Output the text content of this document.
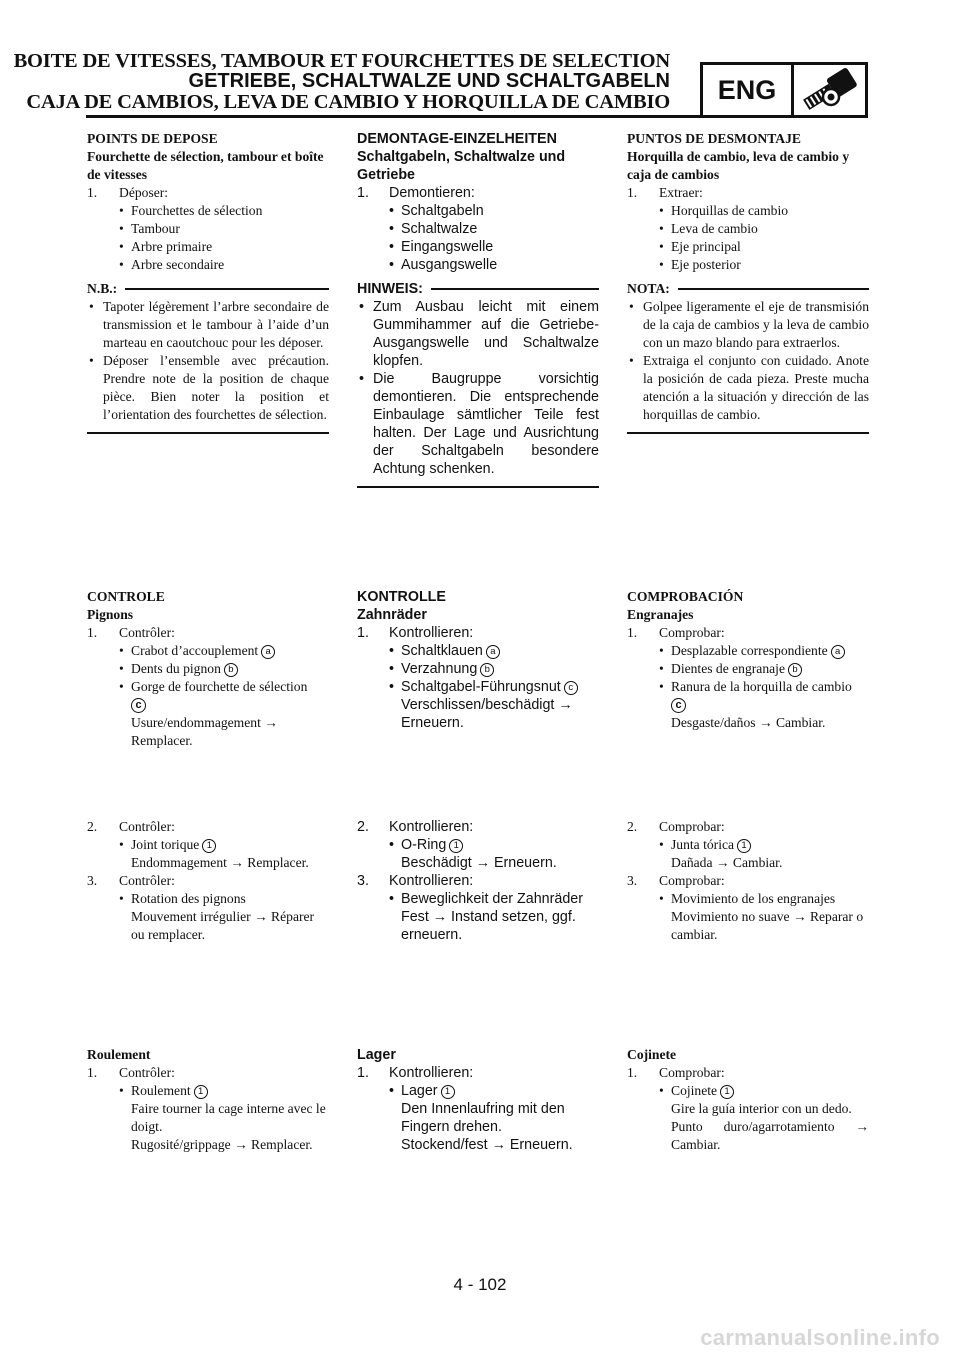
BOITE DE VITESSES, TAMBOUR ET FOURCHETTES DE SELECTION
GETRIEBE, SCHALTWALZE UND SCHALTGABELN
CAJA DE CAMBIOS, LEVA DE CAMBIO Y HORQUILLA DE CAMBIO	ENG
POINTS DE DEPOSE
Fourchette de sélection, tambour et boîte de vitesses
1. Déposer:
• Fourchettes de sélection
• Tambour
• Arbre primaire
• Arbre secondaire
N.B.:
• Tapoter légèrement l’arbre secondaire de transmission et le tambour à l’aide d’un marteau en caoutchouc pour les déposer.
• Déposer l’ensemble avec précaution. Prendre note de la position de chaque pièce. Bien noter la position et l’orientation des fourchettes de sélection.
DEMONTAGE-EINZELHEITEN
Schaltgabeln, Schaltwalze und Getriebe
1. Demontieren:
• Schaltgabeln
• Schaltwalze
• Eingangswelle
• Ausgangswelle
HINWEIS:
• Zum Ausbau leicht mit einem Gummihammer auf die Getriebe-Ausgangswelle und Schaltwalze klopfen.
• Die Baugruppe vorsichtig demontieren. Die entsprechende Einbaulage sämtlicher Teile fest halten. Der Lage und Ausrichtung der Schaltgabeln besondere Achtung schenken.
PUNTOS DE DESMONTAJE
Horquilla de cambio, leva de cambio y caja de cambios
1. Extraer:
• Horquillas de cambio
• Leva de cambio
• Eje principal
• Eje posterior
NOTA:
• Golpee ligeramente el eje de transmisión de la caja de cambios y la leva de cambio con un mazo blando para extraerlos.
• Extraiga el conjunto con cuidado. Anote la posición de cada pieza. Preste mucha atención a la situación y dirección de las horquillas de cambio.
CONTROLE
Pignons
1. Contrôler:
• Crabot d’accouplement a
• Dents du pignon b
• Gorge de fourchette de sélection
c
Usure/endommagement → Remplacer.
KONTROLLE
Zahnräder
1. Kontrollieren:
• Schaltklauen a
• Verzahnung b
• Schaltgabel-Führungsnut c
Verschlissen/beschädigt → Erneuern.
COMPROBACIÓN
Engranajes
1. Comprobar:
• Desplazable correspondiente a
• Dientes de engranaje b
• Ranura de la horquilla de cambio
c
Desgaste/daños → Cambiar.
2. Contrôler:
• Joint torique 1
Endommagement → Remplacer.
3. Contrôler:
• Rotation des pignons
Mouvement irrégulier → Réparer ou remplacer.
2. Kontrollieren:
• O-Ring 1
Beschädigt → Erneuern.
3. Kontrollieren:
• Beweglichkeit der Zahnräder
Fest → Instand setzen, ggf. erneuern.
2. Comprobar:
• Junta tórica 1
Dañada → Cambiar.
3. Comprobar:
• Movimiento de los engranajes
Movimiento no suave → Reparar o cambiar.
Roulement
1. Contrôler:
• Roulement 1
Faire tourner la cage interne avec le doigt.
Rugosité/grippage → Remplacer.
Lager
1. Kontrollieren:
• Lager 1
Den Innenlaufring mit den Fingern drehen.
Stockend/fest → Erneuern.
Cojinete
1. Comprobar:
• Cojinete 1
Gire la guía interior con un dedo.
Punto duro/agarrotamiento → Cambiar.
4 - 102
carmanualsonline.info
